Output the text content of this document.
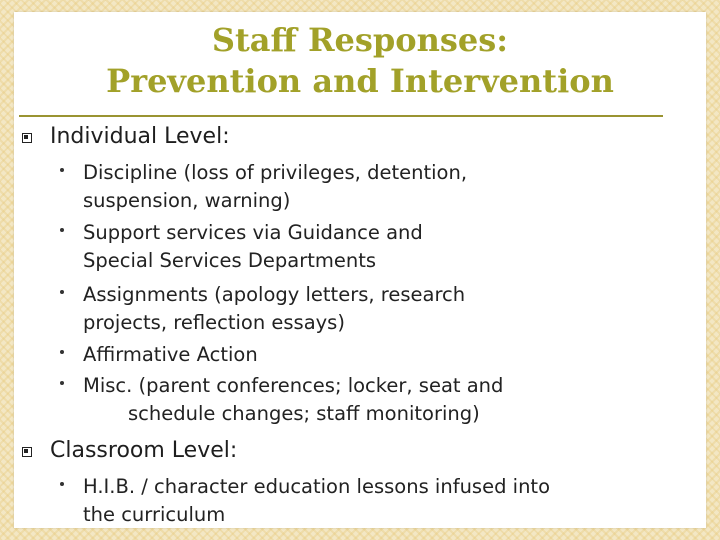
Staff Responses:
Prevention and Intervention
Individual Level:
Discipline (loss of privileges, detention,
suspension, warning)
Support services via Guidance and
Special Services Departments
Assignments (apology letters, research
projects, reflection essays)
Affirmative Action
Misc. (parent conferences; locker, seat and
schedule changes; staff monitoring)
Classroom Level:
H.I.B. / character education lessons infused into
the curriculum
